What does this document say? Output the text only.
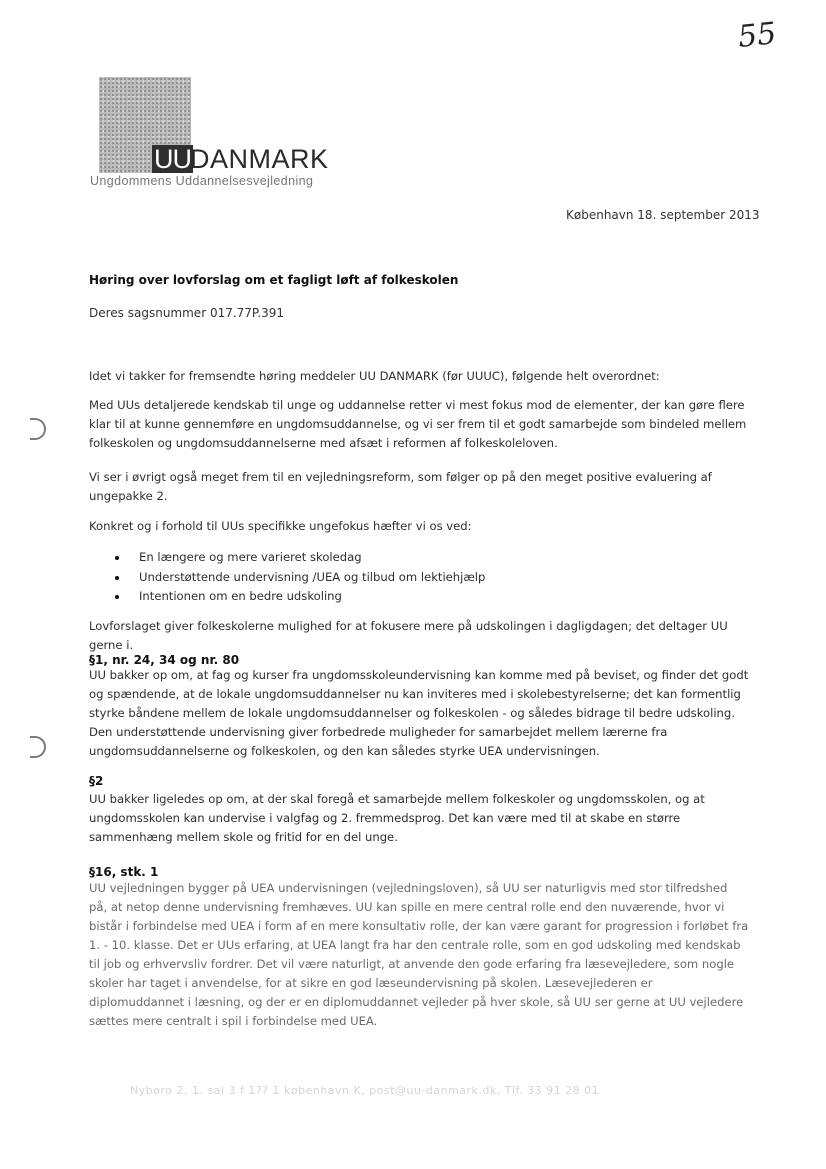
55
UU DANMARK
Ungdommens Uddannelsesvejledning
København 18. september 2013
Høring over lovforslag om et fagligt løft af folkeskolen
Deres sagsnummer 017.77P.391

Idet vi takker for fremsendte høring meddeler UU DANMARK (før UUUC), følgende helt overordnet:

Med UUs detaljerede kendskab til unge og uddannelse retter vi mest fokus mod de elementer, der kan gøre flere klar til at kunne gennemføre en ungdomsuddannelse, og vi ser frem til et godt samarbejde som bindeled mellem folkeskolen og ungdomsuddannelserne med afsæt i reformen af folkeskoleloven.

Vi ser i øvrigt også meget frem til en vejledningsreform, som følger op på den meget positive evaluering af ungepakke 2.

Konkret og i forhold til UUs specifikke ungefokus hæfter vi os ved:

En længere og mere varieret skoledag
Understøttende undervisning /UEA og tilbud om lektiehjælp
Intentionen om en bedre udskoling

Lovforslaget giver folkeskolerne mulighed for at fokusere mere på udskolingen i dagligdagen; det deltager UU gerne i.

§1, nr. 24, 34 og nr. 80

UU bakker op om, at fag og kurser fra ungdomsskoleundervisning kan komme med på beviset, og finder det godt og spændende, at de lokale ungdomsuddannelser nu kan inviteres med i skolebestyrelserne; det kan formentlig styrke båndene mellem de lokale ungdomsuddannelser og folkeskolen - og således bidrage til bedre udskoling. Den understøttende undervisning giver forbedrede muligheder for samarbejdet mellem lærerne fra ungdomsuddannelserne og folkeskolen, og den kan således styrke UEA undervisningen.

§2

UU bakker ligeledes op om, at der skal foregå et samarbejde mellem folkeskoler og ungdomsskolen, og at ungdomsskolen kan undervise i valgfag og 2. fremmedsprog. Det kan være med til at skabe en større sammenhæng mellem skole og fritid for en del unge.

§16, stk. 1

UU vejledningen bygger på UEA undervisningen (vejledningsloven), så UU ser naturligvis med stor tilfredshed på, at netop denne undervisning fremhæves. UU kan spille en mere central rolle end den nuværende, hvor vi bistår i forbindelse med UEA i form af en mere konsultativ rolle, der kan være garant for progression i forløbet fra 1. - 10. klasse. Det er UUs erfaring, at UEA langt fra har den centrale rolle, som en god udskoling med kendskab til job og erhvervsliv fordrer. Det vil være naturligt, at anvende den gode erfaring fra læsevejledere, som nogle skoler har taget i anvendelse, for at sikre en god læseundervisning på skolen. Læsevejlederen er diplomuddannet i læsning, og der er en diplomuddannet vejleder på hver skole, så UU ser gerne at UU vejledere sættes mere centralt i spil i forbindelse med UEA.

Nyboro 2, 1. sal 3 f 1?? 1 københavn K, post@uu-danmark.dk, Tlf. 33 91 28 01
